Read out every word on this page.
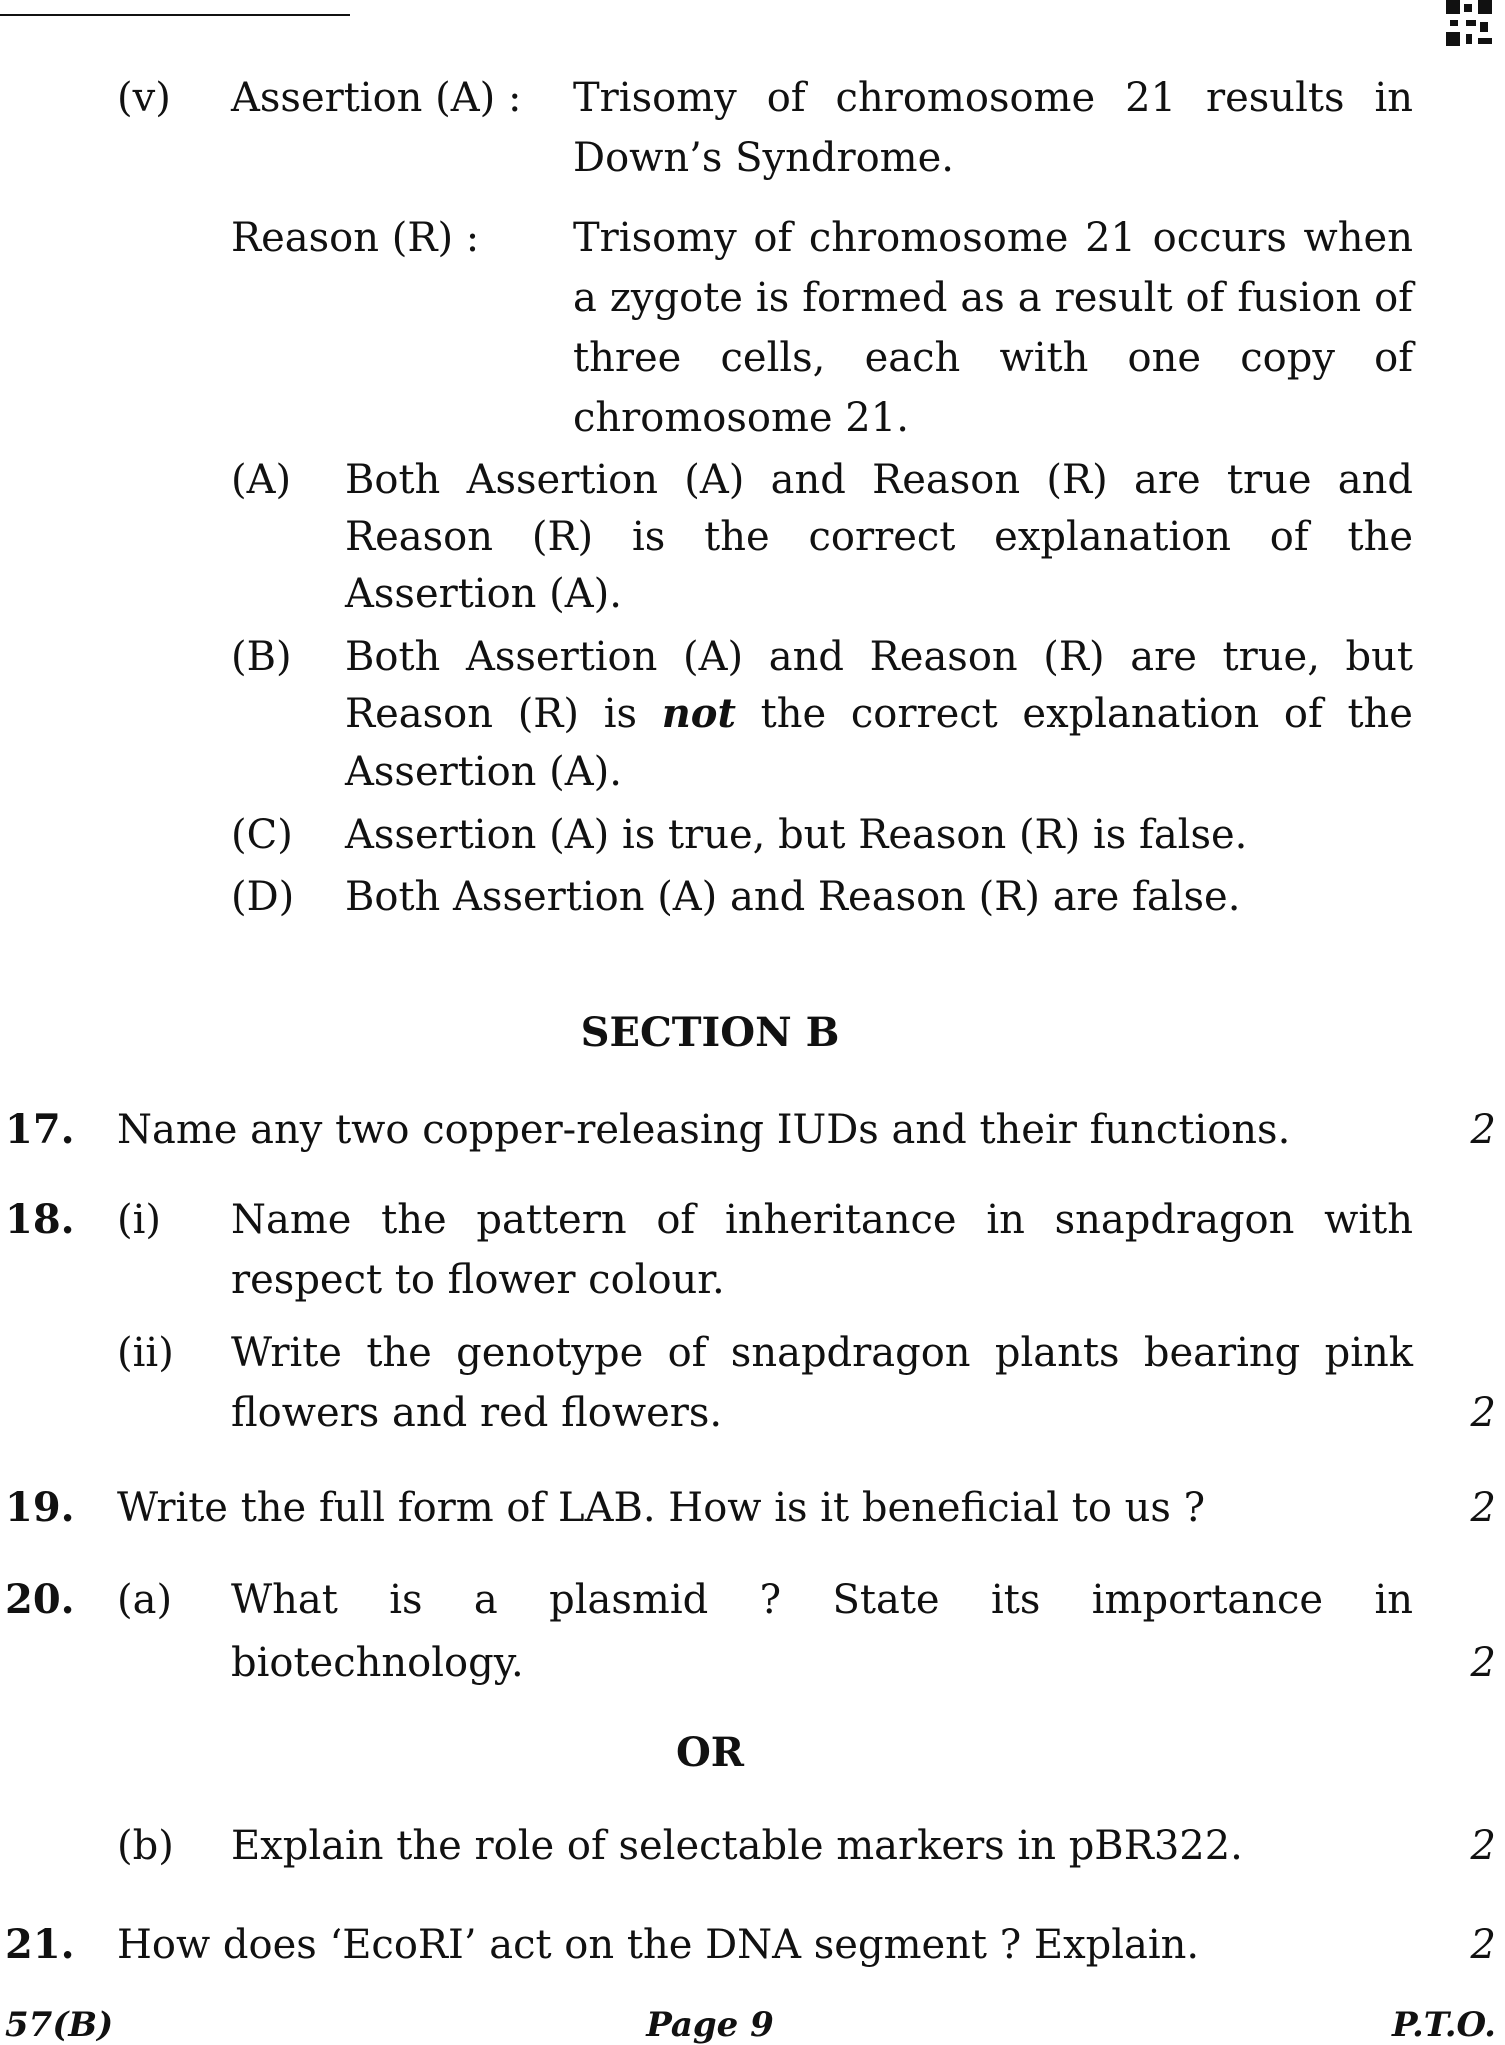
(v) Assertion (A) : Trisomy of chromosome 21 results in
Down’s Syndrome.
Reason (R) : Trisomy of chromosome 21 occurs when
a zygote is formed as a result of fusion of
three cells, each with one copy of
chromosome 21.
(A) Both Assertion (A) and Reason (R) are true and
Reason (R) is the correct explanation of the
Assertion (A).
(B) Both Assertion (A) and Reason (R) are true, but
Reason (R) is not the correct explanation of the
Assertion (A).
(C) Assertion (A) is true, but Reason (R) is false.
(D) Both Assertion (A) and Reason (R) are false.
SECTION B
17. Name any two copper-releasing IUDs and their functions.	2
18. (i) Name the pattern of inheritance in snapdragon with
respect to flower colour.
(ii) Write the genotype of snapdragon plants bearing pink
flowers and red flowers.	2
19. Write the full form of LAB. How is it beneficial to us ?	2
20. (a) What is a plasmid ? State its importance in
biotechnology.	2
OR
(b) Explain the role of selectable markers in pBR322.	2
21. How does ‘EcoRI’ act on the DNA segment ? Explain.	2
57(B)	Page 9	P.T.O.
